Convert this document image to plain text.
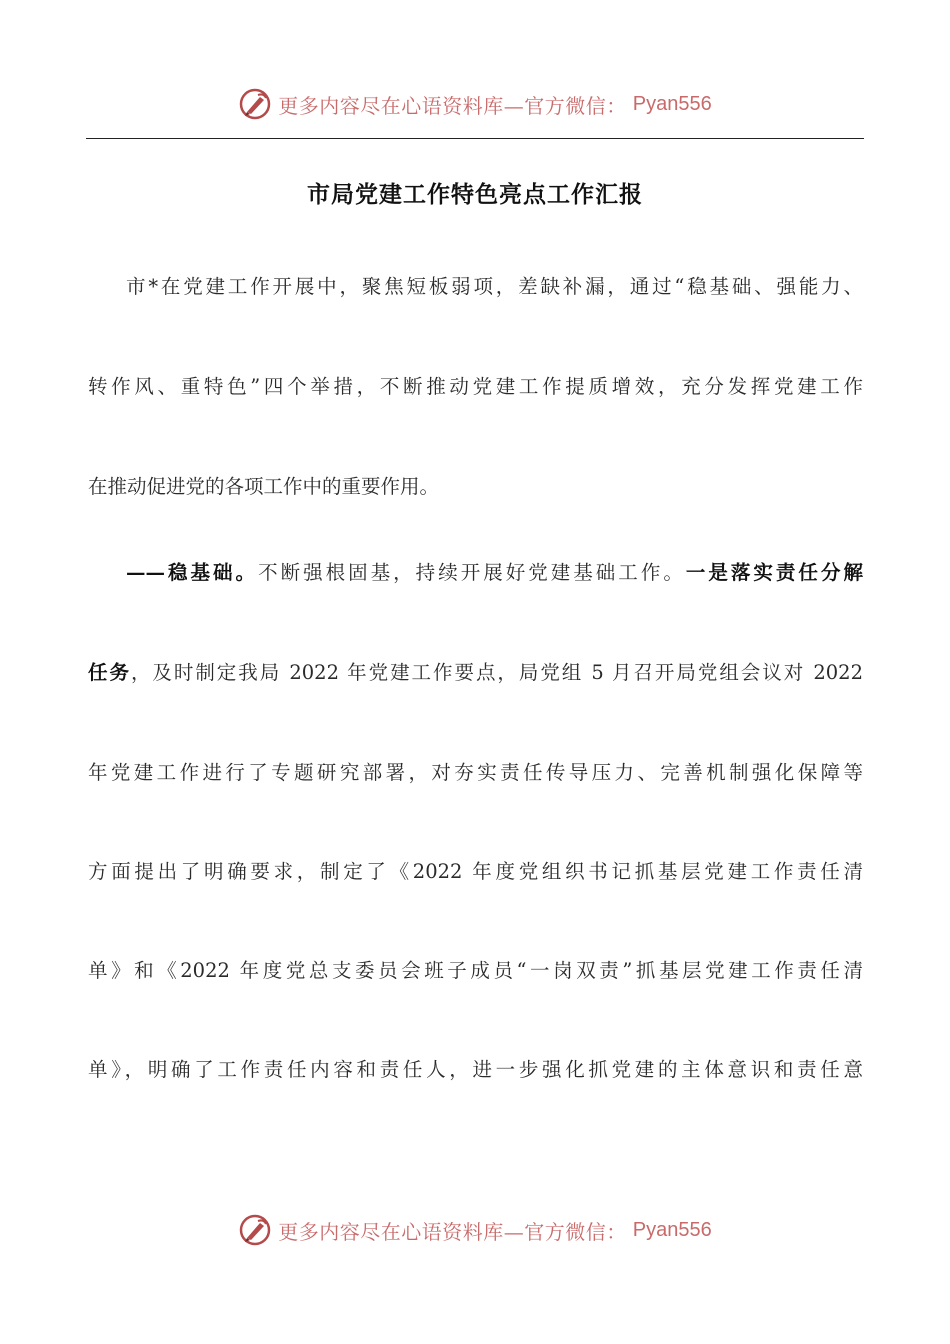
更多内容尽在心语资料库—官方微信： Pyan556
市局党建工作特色亮点工作汇报
市*在党建工作开展中，聚焦短板弱项，差缺补漏，通过“稳基础、强能力、
转作风、重特色”四个举措，不断推动党建工作提质增效，充分发挥党建工作
在推动促进党的各项工作中的重要作用。
——稳基础。不断强根固基，持续开展好党建基础工作。一是落实责任分解
任务，及时制定我局 2022 年党建工作要点，局党组 5 月召开局党组会议对 2022
年党建工作进行了专题研究部署，对夯实责任传导压力、完善机制强化保障等
方面提出了明确要求，制定了《2022 年度党组织书记抓基层党建工作责任清
单》和《2022 年度党总支委员会班子成员“一岗双责”抓基层党建工作责任清
单》，明确了工作责任内容和责任人，进一步强化抓党建的主体意识和责任意
更多内容尽在心语资料库—官方微信： Pyan556
